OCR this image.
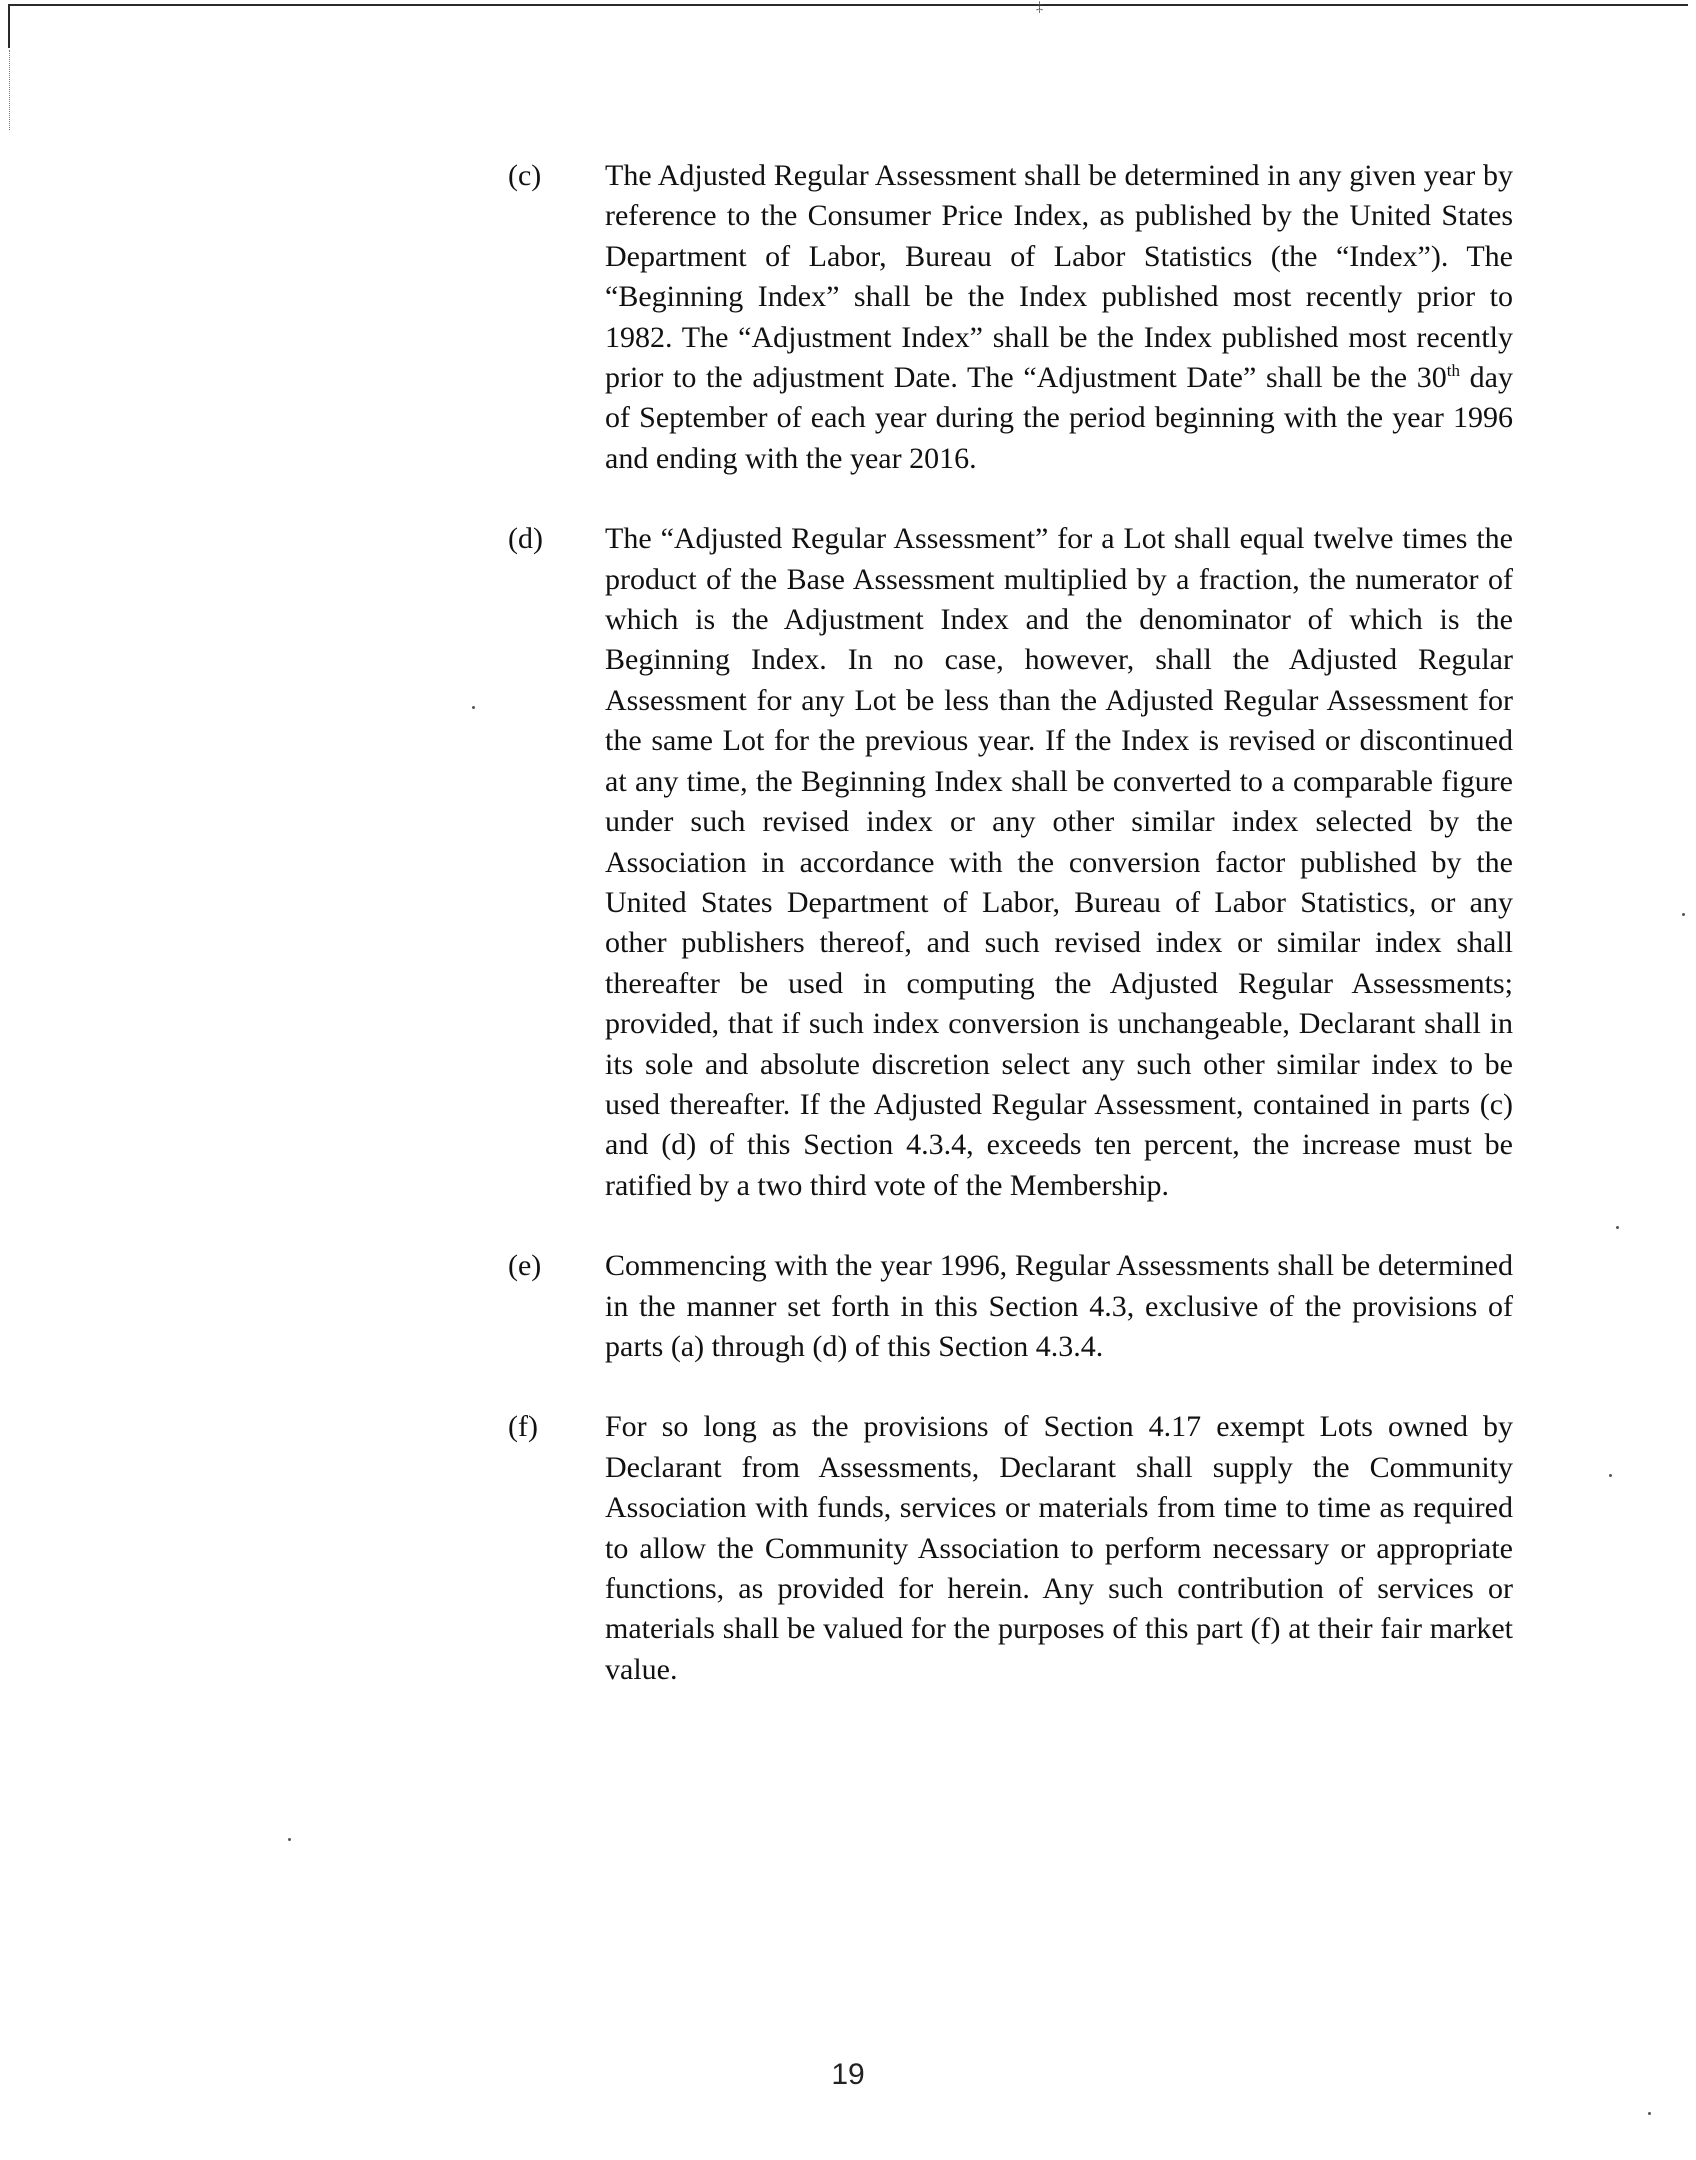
‡
(c)	The Adjusted Regular Assessment shall be determined in any given year by reference to the Consumer Price Index, as published by the United States Department of Labor, Bureau of Labor Statistics (the “Index”). The “Beginning Index” shall be the Index published most recently prior to 1982. The “Adjustment Index” shall be the Index published most recently prior to the adjustment Date. The “Adjustment Date” shall be the 30th day of September of each year during the period beginning with the year 1996 and ending with the year 2016.
(d)	The “Adjusted Regular Assessment” for a Lot shall equal twelve times the product of the Base Assessment multiplied by a fraction, the numerator of which is the Adjustment Index and the denominator of which is the Beginning Index. In no case, however, shall the Adjusted Regular Assessment for any Lot be less than the Adjusted Regular Assessment for the same Lot for the previous year. If the Index is revised or discontinued at any time, the Beginning Index shall be converted to a comparable figure under such revised index or any other similar index selected by the Association in accordance with the conversion factor published by the United States Department of Labor, Bureau of Labor Statistics, or any other publishers thereof, and such revised index or similar index shall thereafter be used in computing the Adjusted Regular Assessments; provided, that if such index conversion is unchangeable, Declarant shall in its sole and absolute discretion select any such other similar index to be used thereafter. If the Adjusted Regular Assessment, contained in parts (c) and (d) of this Section 4.3.4, exceeds ten percent, the increase must be ratified by a two third vote of the Membership.
(e)	Commencing with the year 1996, Regular Assessments shall be determined in the manner set forth in this Section 4.3, exclusive of the provisions of parts (a) through (d) of this Section 4.3.4.
(f)	For so long as the provisions of Section 4.17 exempt Lots owned by Declarant from Assessments, Declarant shall supply the Community Association with funds, services or materials from time to time as required to allow the Community Association to perform necessary or appropriate functions, as provided for herein. Any such contribution of services or materials shall be valued for the purposes of this part (f) at their fair market value.
19
